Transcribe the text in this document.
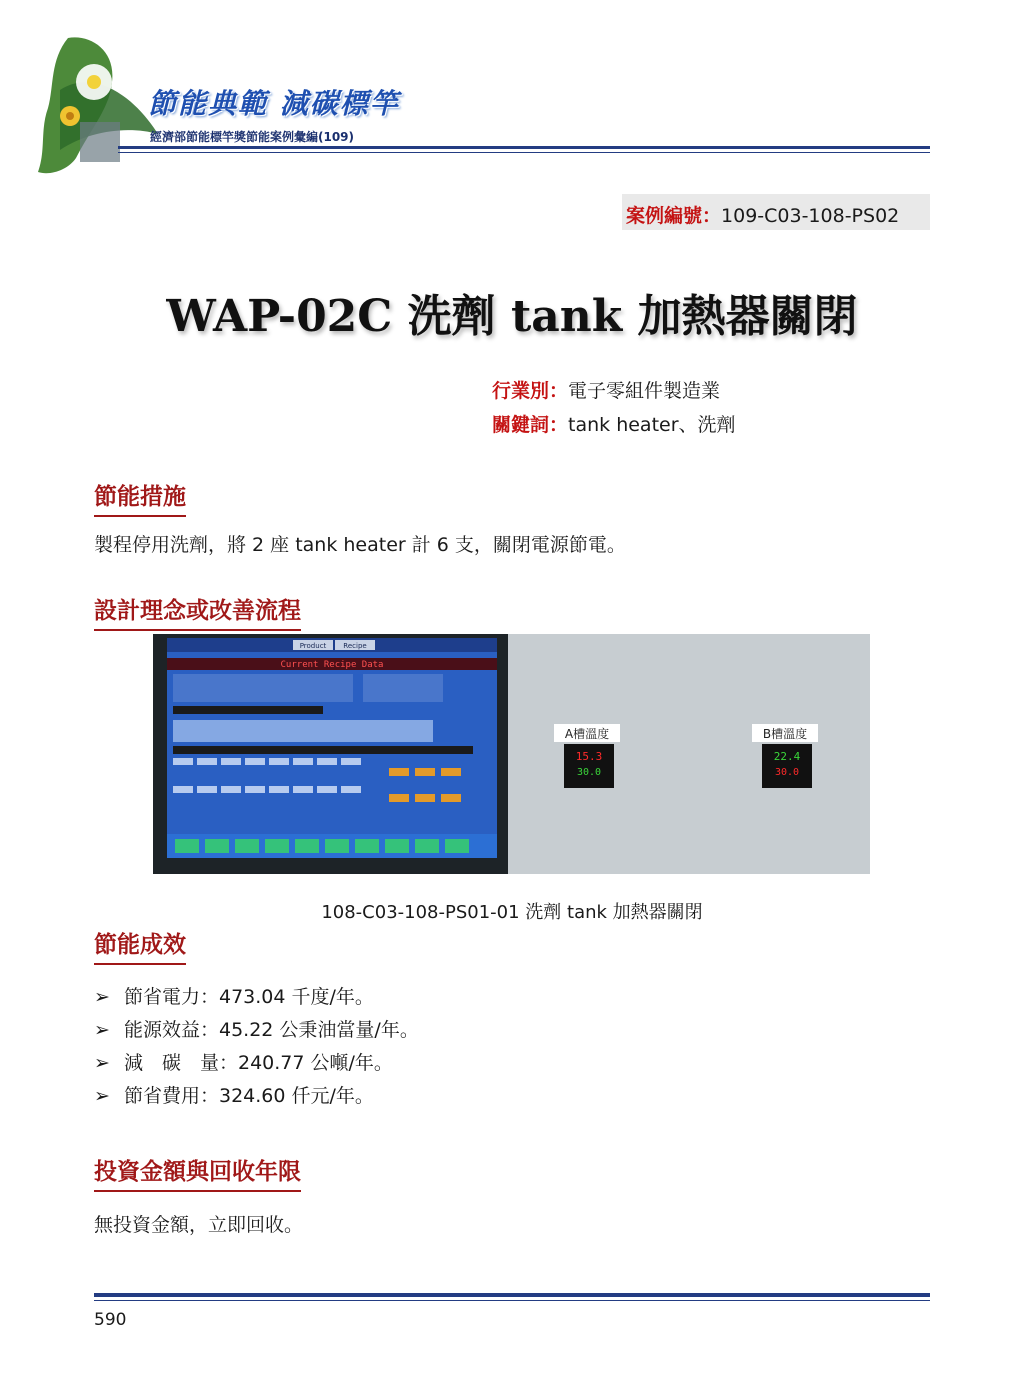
節能典範 減碳標竿
經濟部節能標竿獎節能案例彙編(109)
案例編號：109-C03-108-PS02
WAP-02C 洗劑 tank 加熱器關閉
行業別：電子零組件製造業
關鍵詞：tank heater、洗劑
節能措施
製程停用洗劑，將 2 座 tank heater 計 6 支，關閉電源節電。
設計理念或改善流程
Product Recipe
Current Recipe Data
A槽溫度
15.3
30.0
B槽溫度
22.4
30.0
108-C03-108-PS01-01 洗劑 tank 加熱器關閉
節能成效
➢ 節省電力：473.04 千度/年。
➢ 能源效益：45.22 公秉油當量/年。
➢ 減　碳　量：240.77 公噸/年。
➢ 節省費用：324.60 仟元/年。
投資金額與回收年限
無投資金額，立即回收。
590
